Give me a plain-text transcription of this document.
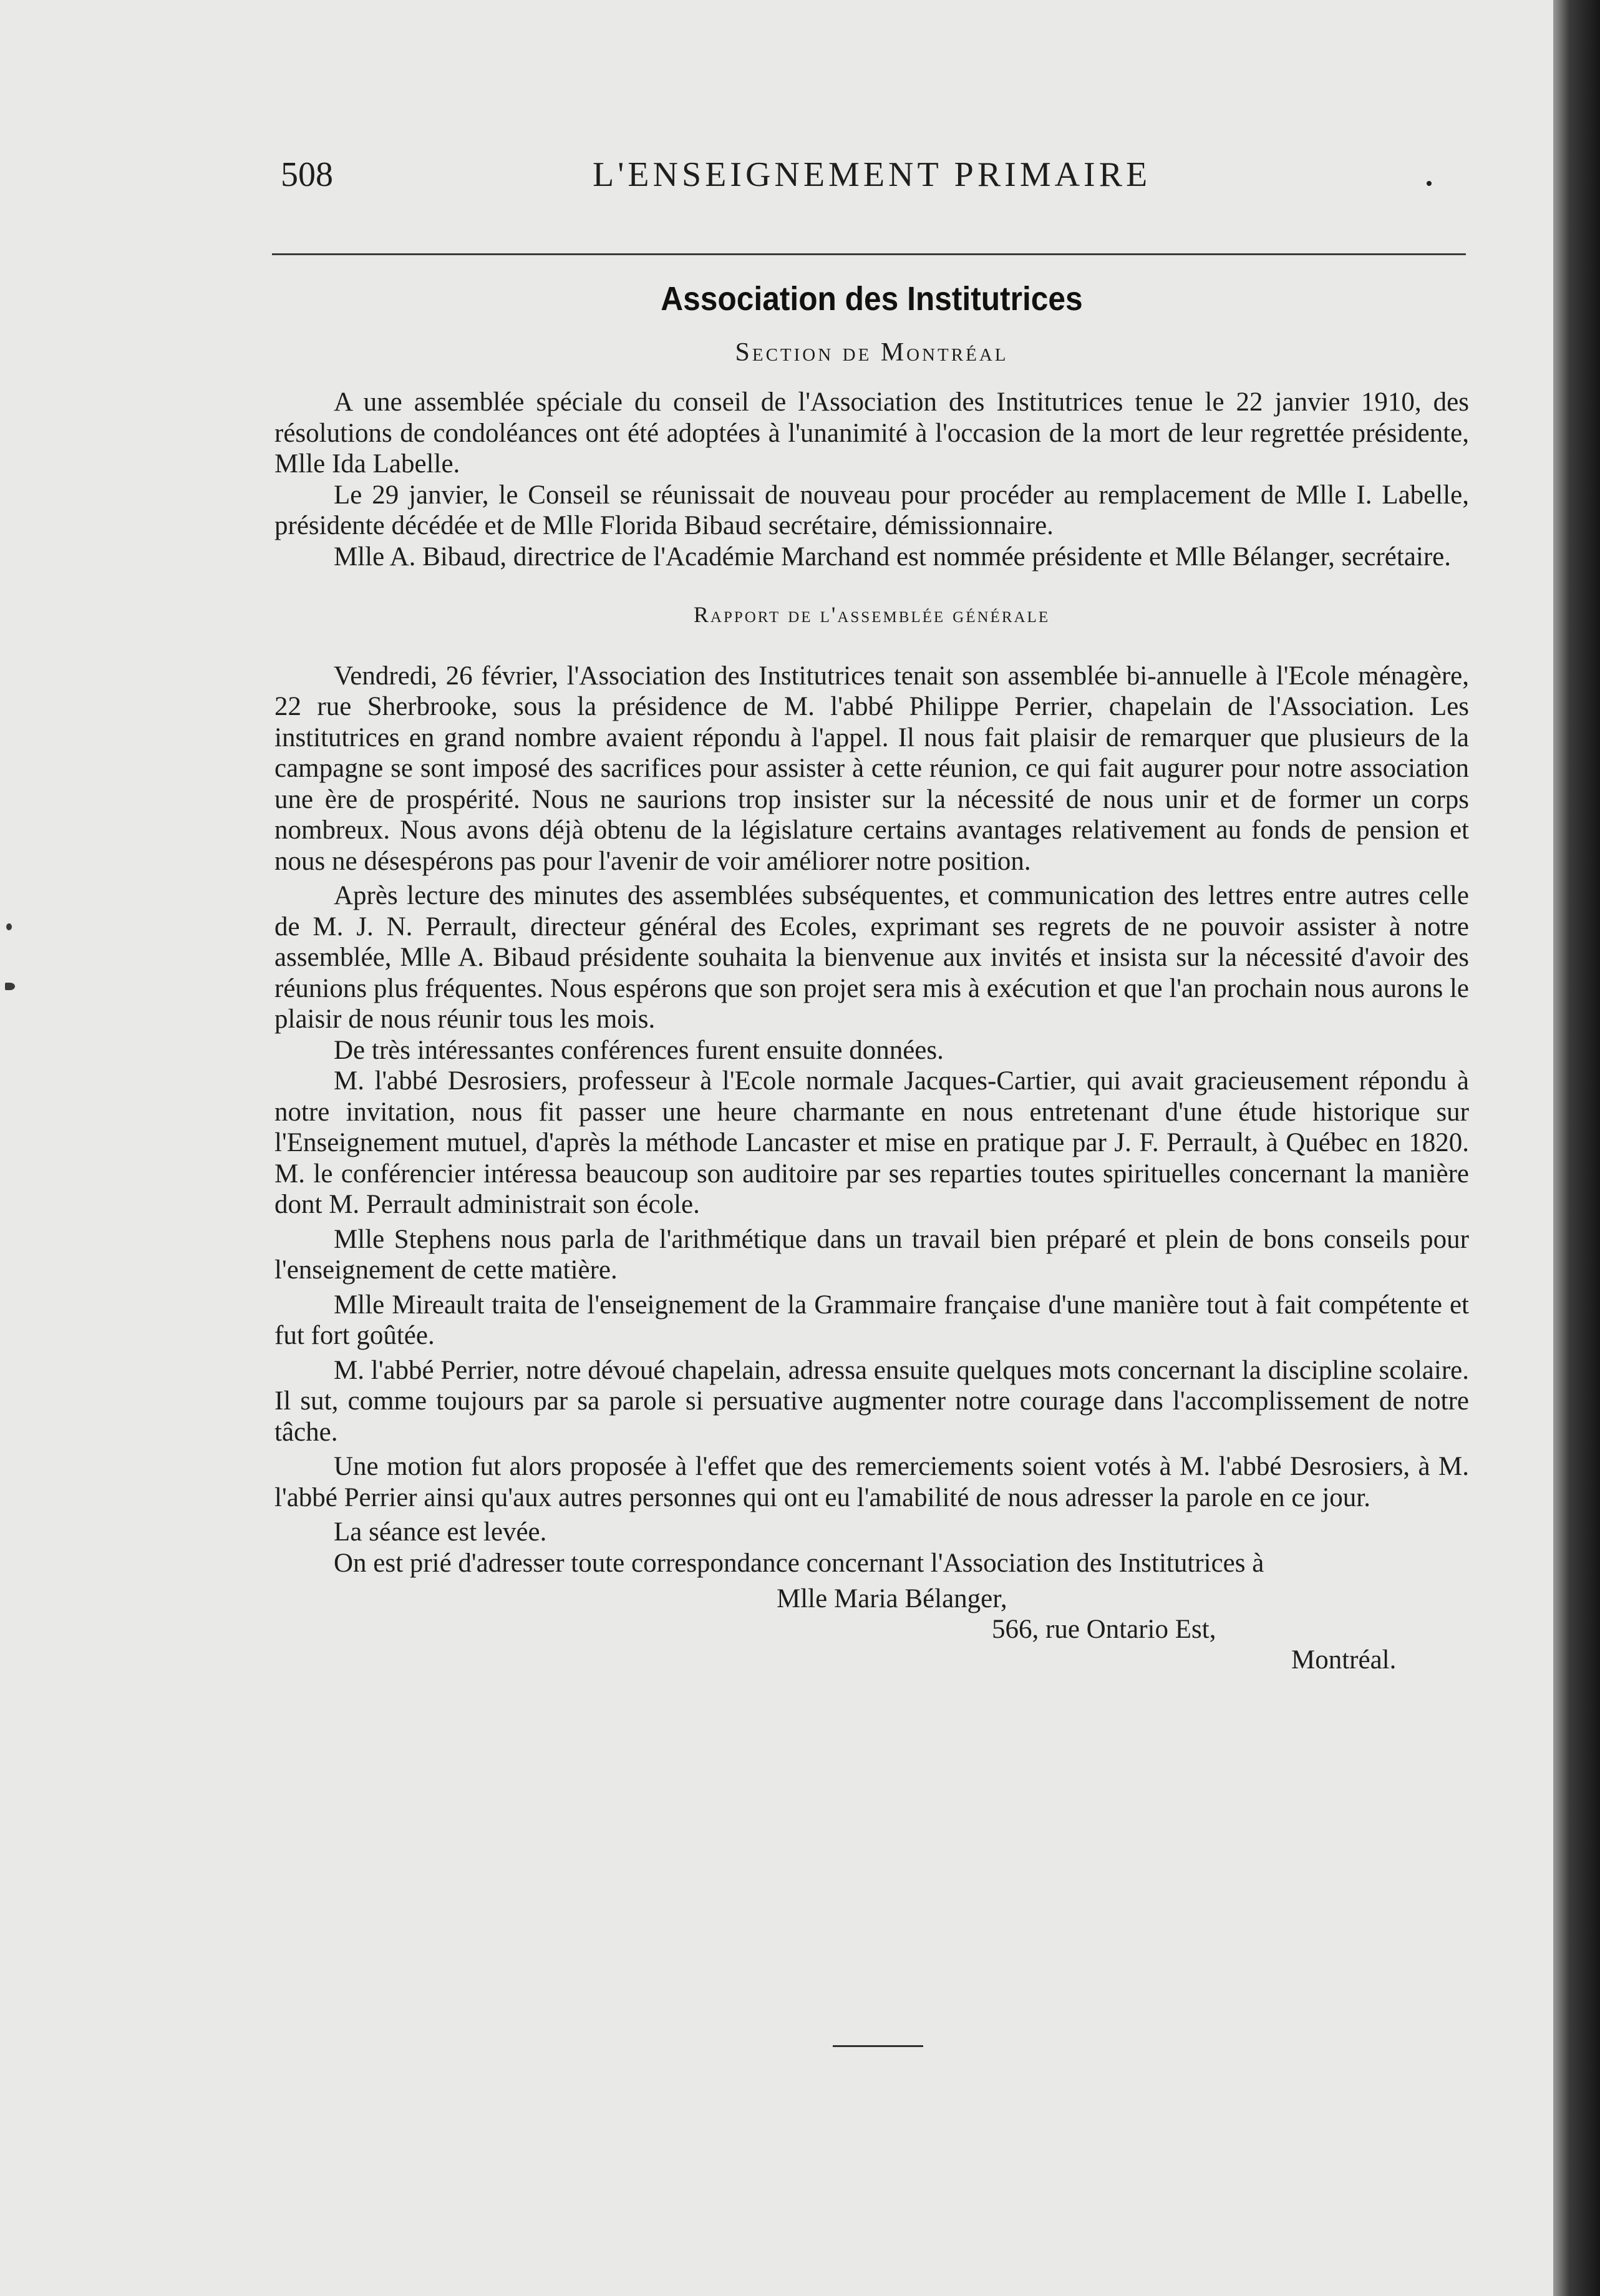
508	L'ENSEIGNEMENT PRIMAIRE
Association des Institutrices
Section de Montréal

A une assemblée spéciale du conseil de l'Association des Institutrices tenue le 22 janvier 1910, des résolutions de condoléances ont été adoptées à l'unanimité à l'occasion de la mort de leur regrettée présidente, Mlle Ida Labelle.

Le 29 janvier, le Conseil se réunissait de nouveau pour procéder au remplacement de Mlle I. Labelle, présidente décédée et de Mlle Florida Bibaud secrétaire, démissionnaire.

Mlle A. Bibaud, directrice de l'Académie Marchand est nommée présidente et Mlle Bélanger, secrétaire.

Rapport de l'assemblée générale

Vendredi, 26 février, l'Association des Institutrices tenait son assemblée bi-annuelle à l'Ecole ménagère, 22 rue Sherbrooke, sous la présidence de M. l'abbé Philippe Perrier, chapelain de l'Association. Les institutrices en grand nombre avaient répondu à l'appel. Il nous fait plaisir de remarquer que plusieurs de la campagne se sont imposé des sacrifices pour assister à cette réunion, ce qui fait augurer pour notre association une ère de prospérité. Nous ne saurions trop insister sur la nécessité de nous unir et de former un corps nombreux. Nous avons déjà obtenu de la législature certains avantages relativement au fonds de pension et nous ne désespérons pas pour l'avenir de voir améliorer notre position.

Après lecture des minutes des assemblées subséquentes, et communication des lettres entre autres celle de M. J. N. Perrault, directeur général des Ecoles, exprimant ses regrets de ne pouvoir assister à notre assemblée, Mlle A. Bibaud présidente souhaita la bienvenue aux invités et insista sur la nécessité d'avoir des réunions plus fréquentes. Nous espérons que son projet sera mis à exécution et que l'an prochain nous aurons le plaisir de nous réunir tous les mois.

De très intéressantes conférences furent ensuite données.

M. l'abbé Desrosiers, professeur à l'Ecole normale Jacques-Cartier, qui avait gracieusement répondu à notre invitation, nous fit passer une heure charmante en nous entretenant d'une étude historique sur l'Enseignement mutuel, d'après la méthode Lancaster et mise en pratique par J. F. Perrault, à Québec en 1820. M. le conférencier intéressa beaucoup son auditoire par ses reparties toutes spirituelles concernant la manière dont M. Perrault administrait son école.

Mlle Stephens nous parla de l'arithmétique dans un travail bien préparé et plein de bons conseils pour l'enseignement de cette matière.

Mlle Mireault traita de l'enseignement de la Grammaire française d'une manière tout à fait compétente et fut fort goûtée.

M. l'abbé Perrier, notre dévoué chapelain, adressa ensuite quelques mots concernant la discipline scolaire. Il sut, comme toujours par sa parole si persuative augmenter notre courage dans l'accomplissement de notre tâche.

Une motion fut alors proposée à l'effet que des remerciements soient votés à M. l'abbé Desrosiers, à M. l'abbé Perrier ainsi qu'aux autres personnes qui ont eu l'amabilité de nous adresser la parole en ce jour.

La séance est levée.

On est prié d'adresser toute correspondance concernant l'Association des Institutrices à

Mlle Maria Bélanger,
566, rue Ontario Est,
Montréal.
